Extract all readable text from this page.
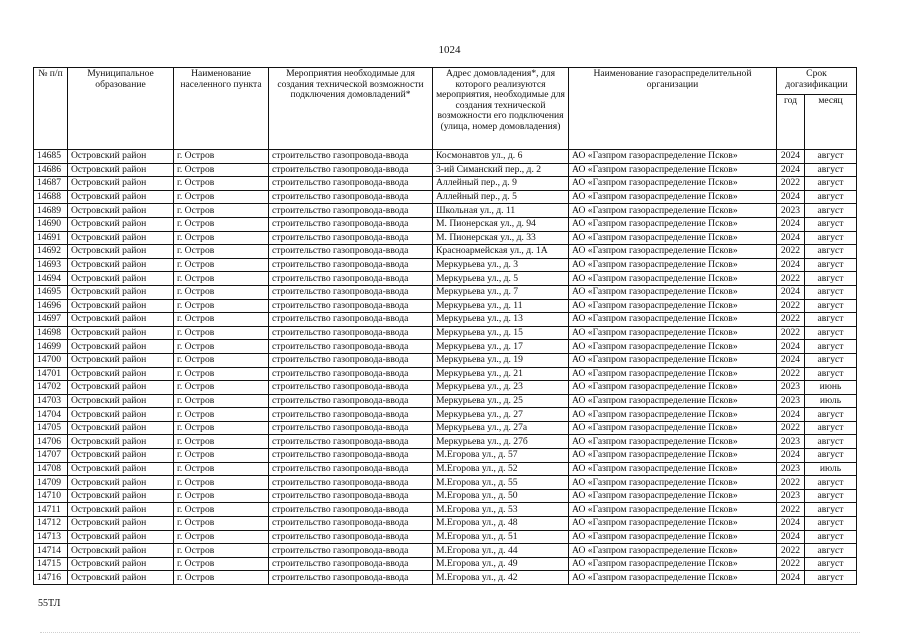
1024
№ п/п	Муниципальное образование	Наименование населенного пункта	Мероприятия необходимые для создания технической возможности подключения домовладений*	Адрес домовладения*, для которого реализуются мероприятия, необходимые для создания технической возможности его подключения (улица, номер домовладения)	Наименование газораспределительной организации	Срок догазификации	
						год	месяц
14685	Островский район	г. Остров	строительство газопровода-ввода	Космонавтов ул., д. 6	АО «Газпром газораспределение Псков»	2024	август
14686	Островский район	г. Остров	строительство газопровода-ввода	3-ий Симанский пер., д. 2	АО «Газпром газораспределение Псков»	2024	август
14687	Островский район	г. Остров	строительство газопровода-ввода	Аллейный пер., д. 9	АО «Газпром газораспределение Псков»	2022	август
14688	Островский район	г. Остров	строительство газопровода-ввода	Аллейный пер., д. 5	АО «Газпром газораспределение Псков»	2024	август
14689	Островский район	г. Остров	строительство газопровода-ввода	Школьная ул., д. 11	АО «Газпром газораспределение Псков»	2023	август
14690	Островский район	г. Остров	строительство газопровода-ввода	М. Пионерская ул., д. 94	АО «Газпром газораспределение Псков»	2024	август
14691	Островский район	г. Остров	строительство газопровода-ввода	М. Пионерская ул., д. 33	АО «Газпром газораспределение Псков»	2024	август
14692	Островский район	г. Остров	строительство газопровода-ввода	Красноармейская ул., д. 1А	АО «Газпром газораспределение Псков»	2022	август
14693	Островский район	г. Остров	строительство газопровода-ввода	Меркурьева ул., д. 3	АО «Газпром газораспределение Псков»	2024	август
14694	Островский район	г. Остров	строительство газопровода-ввода	Меркурьева ул., д. 5	АО «Газпром газораспределение Псков»	2022	август
14695	Островский район	г. Остров	строительство газопровода-ввода	Меркурьева ул., д. 7	АО «Газпром газораспределение Псков»	2024	август
14696	Островский район	г. Остров	строительство газопровода-ввода	Меркурьева ул., д. 11	АО «Газпром газораспределение Псков»	2022	август
14697	Островский район	г. Остров	строительство газопровода-ввода	Меркурьева ул., д. 13	АО «Газпром газораспределение Псков»	2022	август
14698	Островский район	г. Остров	строительство газопровода-ввода	Меркурьева ул., д. 15	АО «Газпром газораспределение Псков»	2022	август
14699	Островский район	г. Остров	строительство газопровода-ввода	Меркурьева ул., д. 17	АО «Газпром газораспределение Псков»	2024	август
14700	Островский район	г. Остров	строительство газопровода-ввода	Меркурьева ул., д. 19	АО «Газпром газораспределение Псков»	2024	август
14701	Островский район	г. Остров	строительство газопровода-ввода	Меркурьева ул., д. 21	АО «Газпром газораспределение Псков»	2022	август
14702	Островский район	г. Остров	строительство газопровода-ввода	Меркурьева ул., д. 23	АО «Газпром газораспределение Псков»	2023	июнь
14703	Островский район	г. Остров	строительство газопровода-ввода	Меркурьева ул., д. 25	АО «Газпром газораспределение Псков»	2023	июль
14704	Островский район	г. Остров	строительство газопровода-ввода	Меркурьева ул., д. 27	АО «Газпром газораспределение Псков»	2024	август
14705	Островский район	г. Остров	строительство газопровода-ввода	Меркурьева ул., д. 27а	АО «Газпром газораспределение Псков»	2022	август
14706	Островский район	г. Остров	строительство газопровода-ввода	Меркурьева ул., д. 27б	АО «Газпром газораспределение Псков»	2023	август
14707	Островский район	г. Остров	строительство газопровода-ввода	М.Егорова ул., д. 57	АО «Газпром газораспределение Псков»	2024	август
14708	Островский район	г. Остров	строительство газопровода-ввода	М.Егорова ул., д. 52	АО «Газпром газораспределение Псков»	2023	июль
14709	Островский район	г. Остров	строительство газопровода-ввода	М.Егорова ул., д. 55	АО «Газпром газораспределение Псков»	2022	август
14710	Островский район	г. Остров	строительство газопровода-ввода	М.Егорова ул., д. 50	АО «Газпром газораспределение Псков»	2023	август
14711	Островский район	г. Остров	строительство газопровода-ввода	М.Егорова ул., д. 53	АО «Газпром газораспределение Псков»	2022	август
14712	Островский район	г. Остров	строительство газопровода-ввода	М.Егорова ул., д. 48	АО «Газпром газораспределение Псков»	2024	август
14713	Островский район	г. Остров	строительство газопровода-ввода	М.Егорова ул., д. 51	АО «Газпром газораспределение Псков»	2024	август
14714	Островский район	г. Остров	строительство газопровода-ввода	М.Егорова ул., д. 44	АО «Газпром газораспределение Псков»	2022	август
14715	Островский район	г. Остров	строительство газопровода-ввода	М.Егорова ул., д. 49	АО «Газпром газораспределение Псков»	2022	август
14716	Островский район	г. Остров	строительство газопровода-ввода	М.Егорова ул., д. 42	АО «Газпром газораспределение Псков»	2024	август
55ТЛ
